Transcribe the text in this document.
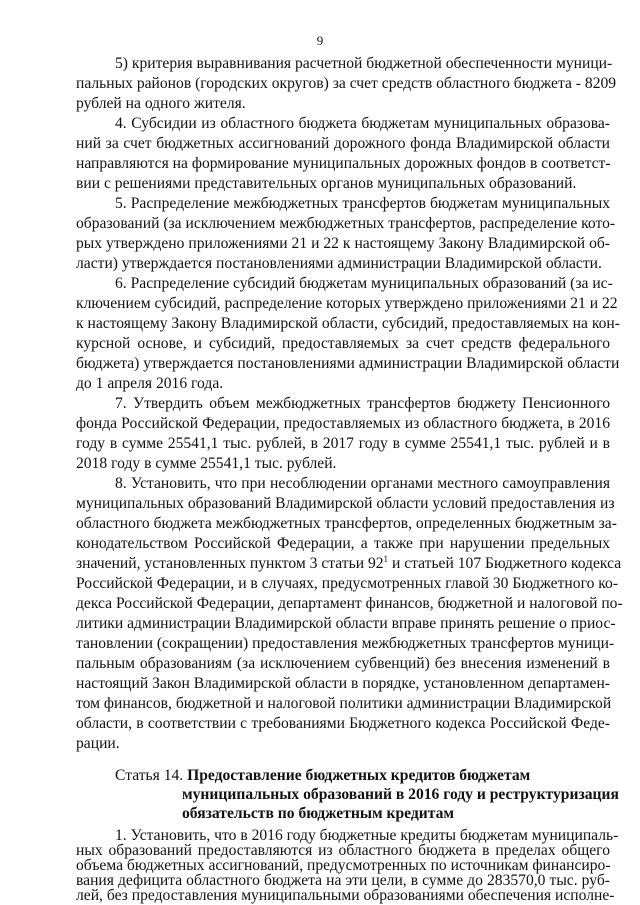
9
5) критерия выравнивания расчетной бюджетной обеспеченности муници-
пальных районов (городских округов) за счет средств областного бюджета - 8209
рублей на одного жителя.
4. Субсидии из областного бюджета бюджетам муниципальных образова-
ний за счет бюджетных ассигнований дорожного фонда Владимирской области
направляются на формирование муниципальных дорожных фондов в соответст-
вии с решениями представительных органов муниципальных образований.
5. Распределение межбюджетных трансфертов бюджетам муниципальных
образований (за исключением межбюджетных трансфертов, распределение кото-
рых утверждено приложениями 21 и 22 к настоящему Закону Владимирской об-
ласти) утверждается постановлениями администрации Владимирской области.
6. Распределение субсидий бюджетам муниципальных образований (за ис-
ключением субсидий, распределение которых утверждено приложениями 21 и 22
к настоящему Закону Владимирской области, субсидий, предоставляемых на кон-
курсной основе, и субсидий, предоставляемых за счет средств федерального
бюджета) утверждается постановлениями администрации Владимирской области
до 1 апреля 2016 года.
7. Утвердить объем межбюджетных трансфертов бюджету Пенсионного
фонда Российской Федерации, предоставляемых из областного бюджета, в 2016
году в сумме 25541,1 тыс. рублей, в 2017 году в сумме 25541,1 тыс. рублей и в
2018 году в сумме 25541,1 тыс. рублей.
8. Установить, что при несоблюдении органами местного самоуправления
муниципальных образований Владимирской области условий предоставления из
областного бюджета межбюджетных трансфертов, определенных бюджетным за-
конодательством Российской Федерации, а также при нарушении предельных
значений, установленных пунктом 3 статьи $92^1$ и статьей 107 Бюджетного кодекса
Российской Федерации, и в случаях, предусмотренных главой 30 Бюджетного ко-
декса Российской Федерации, департамент финансов, бюджетной и налоговой по-
литики администрации Владимирской области вправе принять решение о приос-
тановлении (сокращении) предоставления межбюджетных трансфертов муници-
пальным образованиям (за исключением субвенций) без внесения изменений в
настоящий Закон Владимирской области в порядке, установленном департамен-
том финансов, бюджетной и налоговой политики администрации Владимирской
области, в соответствии с требованиями Бюджетного кодекса Российской Феде-
рации.
Статья 14. Предоставление бюджетных кредитов бюджетам
муниципальных образований в 2016 году и реструктуризация
обязательств по бюджетным кредитам
1. Установить, что в 2016 году бюджетные кредиты бюджетам муниципаль-
ных образований предоставляются из областного бюджета в пределах общего
объема бюджетных ассигнований, предусмотренных по источникам финансиро-
вания дефицита областного бюджета на эти цели, в сумме до 283570,0 тыс. руб-
лей, без предоставления муниципальными образованиями обеспечения исполне-
